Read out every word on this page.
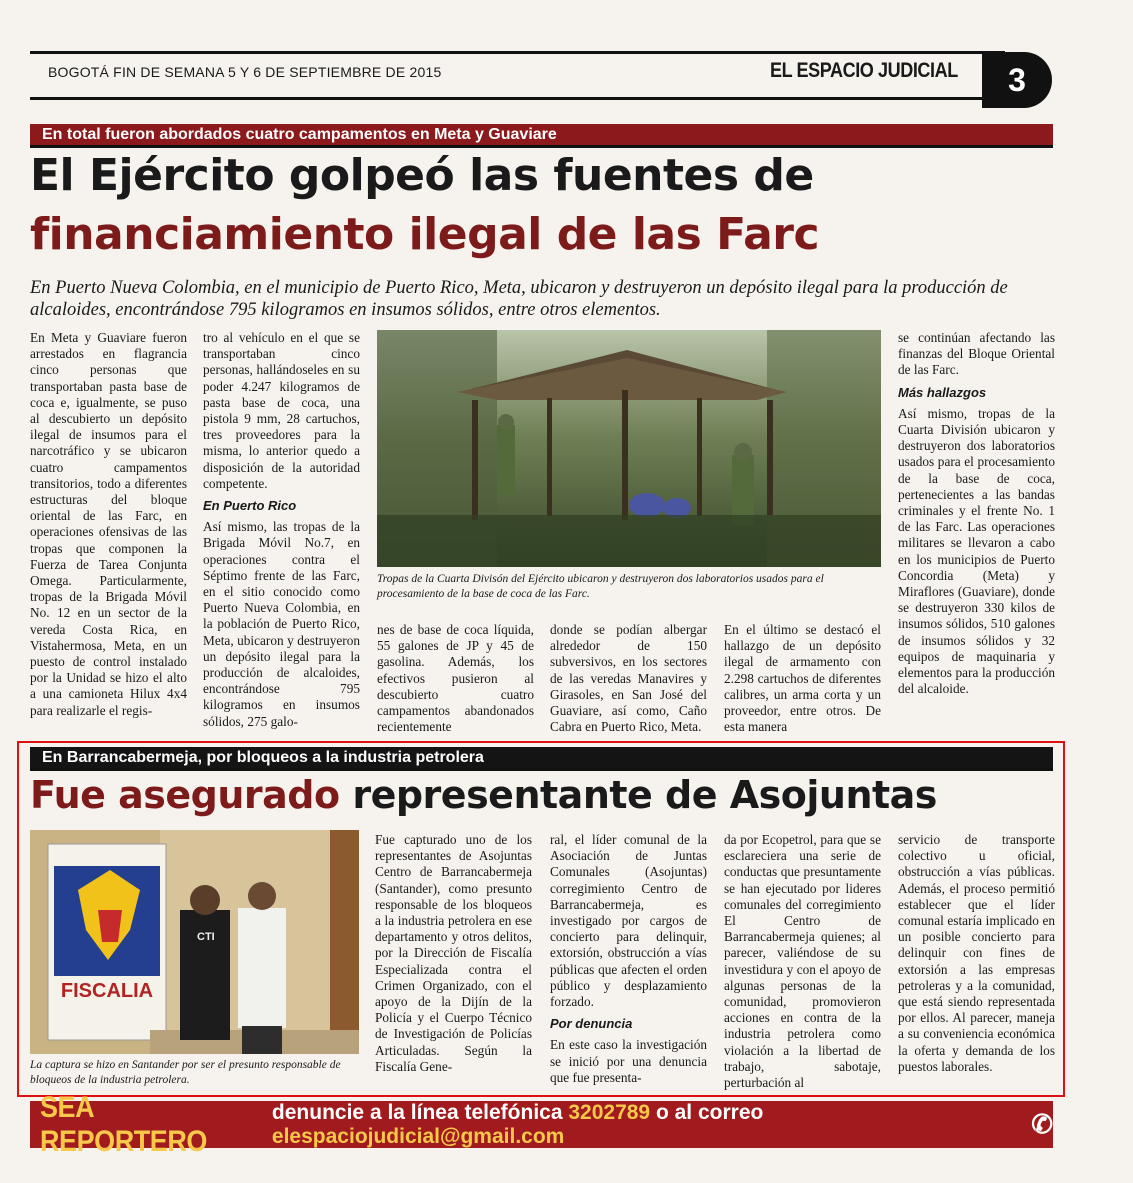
BOGOTÁ FIN DE SEMANA 5 Y 6 DE SEPTIEMBRE DE 2015	EL ESPACIO JUDICIAL	3
En total fueron abordados cuatro campamentos en Meta y Guaviare
El Ejército golpeó las fuentes de
financiamiento ilegal de las Farc
En Puerto Nueva Colombia, en el municipio de Puerto Rico, Meta, ubicaron y destruyeron un depósito ilegal para la producción de alcaloides, encontrándose 795 kilogramos en insumos sólidos, entre otros elementos.

En Meta y Guaviare fueron arrestados en flagrancia cinco personas que transportaban pasta base de coca e, igualmente, se puso al descubierto un depósito ilegal de insumos para el narcotráfico y se ubicaron cuatro campamentos transitorios, todo a diferentes estructuras del bloque oriental de las Farc, en operaciones ofensivas de las tropas que componen la Fuerza de Tarea Conjunta Omega. Particularmente, tropas de la Brigada Móvil No. 12 en un sector de la vereda Costa Rica, en Vistahermosa, Meta, en un puesto de control instalado por la Unidad se hizo el alto a una camioneta Hilux 4x4 para realizarle el regis-

tro al vehículo en el que se transportaban cinco personas, hallándoseles en su poder 4.247 kilogramos de pasta base de coca, una pistola 9 mm, 28 cartuchos, tres proveedores para la misma, lo anterior quedo a disposición de la autoridad competente.

En Puerto Rico

Así mismo, las tropas de la Brigada Móvil No.7, en operaciones contra el Séptimo frente de las Farc, en el sitio conocido como Puerto Nueva Colombia, en la población de Puerto Rico, Meta, ubicaron y destruyeron un depósito ilegal para la producción de alcaloides, encontrándose 795 kilogramos en insumos sólidos, 275 galo-

Tropas de la Cuarta Divisón del Ejército ubicaron y destruyeron dos laboratorios usados para el procesamiento de la base de coca de las Farc.

nes de base de coca líquida, 55 galones de JP y 45 de gasolina. Además, los efectivos pusieron al descubierto cuatro campamentos abandonados recientemente

donde se podían albergar alrededor de 150 subversivos, en los sectores de las veredas Manavires y Girasoles, en San José del Guaviare, así como, Caño Cabra en Puerto Rico, Meta.

En el último se destacó el hallazgo de un depósito ilegal de armamento con 2.298 cartuchos de diferentes calibres, un arma corta y un proveedor, entre otros. De esta manera

se continúan afectando las finanzas del Bloque Oriental de las Farc.

Más hallazgos

Así mismo, tropas de la Cuarta División ubicaron y destruyeron dos laboratorios usados para el procesamiento de la base de coca, pertenecientes a las bandas criminales y el frente No. 1 de las Farc. Las operaciones militares se llevaron a cabo en los municipios de Puerto Concordia (Meta) y Miraflores (Guaviare), donde se destruyeron 330 kilos de insumos sólidos, 510 galones de insumos sólidos y 32 equipos de maquinaria y elementos para la producción del alcaloide.

En Barrancabermeja, por bloqueos a la industria petrolera
Fue asegurado representante de Asojuntas
FISCALIA
CTI
La captura se hizo en Santander por ser el presunto responsable de bloqueos de la industria petrolera.

Fue capturado uno de los representantes de Asojuntas Centro de Barrancabermeja (Santander), como presunto responsable de los bloqueos a la industria petrolera en ese departamento y otros delitos, por la Dirección de Fiscalía Especializada contra el Crimen Organizado, con el apoyo de la Dijín de la Policía y el Cuerpo Técnico de Investigación de Policías Articuladas. Según la Fiscalía Gene-

ral, el líder comunal de la Asociación de Juntas Comunales (Asojuntas) corregimiento Centro de Barrancabermeja, es investigado por cargos de concierto para delinquir, extorsión, obstrucción a vías públicas que afecten el orden público y desplazamiento forzado.

Por denuncia

En este caso la investigación se inició por una denuncia que fue presenta-

da por Ecopetrol, para que se esclareciera una serie de conductas que presuntamente se han ejecutado por lideres comunales del corregimiento El Centro de Barrancabermeja quienes; al parecer, valiéndose de su investidura y con el apoyo de algunas personas de la comunidad, promovieron acciones en contra de la industria petrolera como violación a la libertad de trabajo, sabotaje, perturbación al

servicio de transporte colectivo u oficial, obstrucción a vías públicas. Además, el proceso permitió establecer que el líder comunal estaría implicado en un posible concierto para delinquir con fines de extorsión a las empresas petroleras y a la comunidad, que está siendo representada por ellos. Al parecer, maneja a su conveniencia económica la oferta y demanda de los puestos laborales.

SEA REPORTERO
denuncie a la línea telefónica 3202789 o al correo elespaciojudicial@gmail.com	✆
